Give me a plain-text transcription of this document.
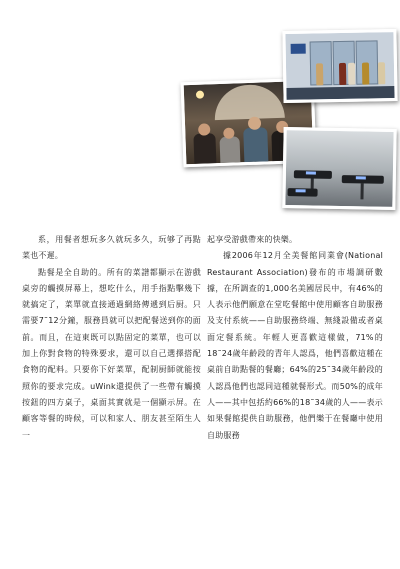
系，用餐者想玩多久就玩多久，玩够了再點菜也不遲。

點餐是全自助的。所有的菜譜都顯示在游戲桌旁的觸摸屏幕上，想吃什么，用手指點擊幾下就搞定了，菜單就直接通過網絡傳遞到后厨。只需要7˜12分鐘，服務員就可以把配餐送到你的面前。而且，在這東既可以點固定的菜單，也可以加上你對食物的特殊要求，還可以自己選擇搭配食物的配料。只要你下好菜單，配制厨師就能按照你的要求完成。uWink還提供了一些帶有觸摸按鈕的四方桌子，桌面其實就是一個顯示屏。在顧客等餐的時候，可以和家人、朋友甚至陌生人一

起享受游戲帶來的快樂。

據2006年12月全美餐館同業會(National Restaurant Association)發布的市場調研數據，在所調查的1,000名美國居民中，有46%的人表示他們願意在堂吃餐館中使用顧客自助服務及支付系統——自助服務終端、無綫設備或者桌面定餐系統。年輕人更喜歡這樣做，71%的18˜24歲年齡段的青年人認爲，他們喜歡這種在桌前自助點餐的餐廳；64%的25˜34歲年齡段的人認爲他們也認同這種就餐形式。而50%的成年人——其中包括約66%的18˜34歲的人——表示如果餐館提供自助服務，他們樂于在餐廳中使用自助服務
